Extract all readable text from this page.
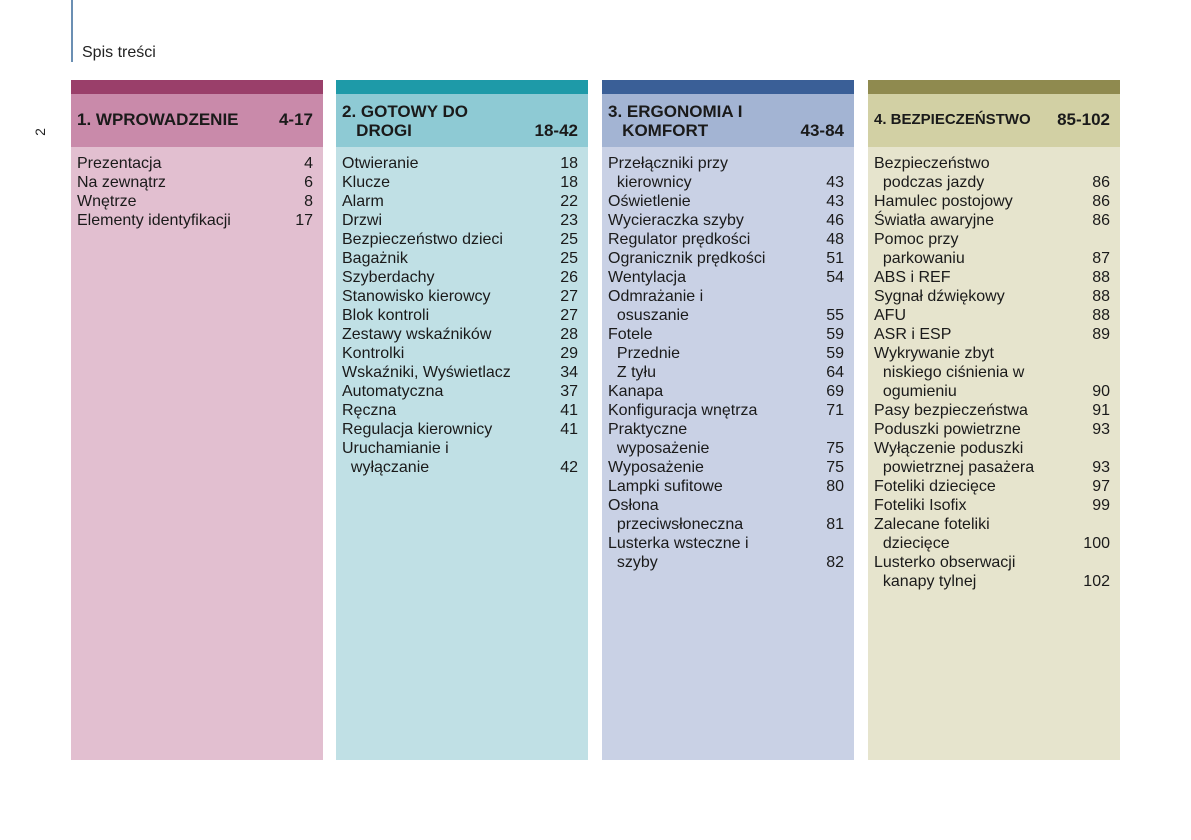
Spis treści
2
1. WPROWADZENIE 4-17
Prezentacja	4
Na zewnątrz	6
Wnętrze	8
Elementy identyfikacji	17
2. GOTOWY DO
DROGI	18-42
Otwieranie	18
Klucze	18
Alarm	22
Drzwi	23
Bezpieczeństwo dzieci	25
Bagażnik	25
Szyberdachy	26
Stanowisko kierowcy	27
Blok kontroli	27
Zestawy wskaźników	28
Kontrolki	29
Wskaźniki, Wyświetlacz	34
Automatyczna	37
Ręczna	41
Regulacja kierownicy	41
Uruchamianie i
wyłączanie	42
3. ERGONOMIA I
KOMFORT	43-84
Przełączniki przy
kierownicy	43
Oświetlenie	43
Wycieraczka szyby	46
Regulator prędkości	48
Ogranicznik prędkości	51
Wentylacja	54
Odmrażanie i
osuszanie	55
Fotele	59
Przednie	59
Z tyłu	64
Kanapa	69
Konfiguracja wnętrza	71
Praktyczne
wyposażenie	75
Wyposażenie	75
Lampki sufitowe	80
Osłona
przeciwsłoneczna	81
Lusterka wsteczne i
szyby	82
4. BEZPIECZEŃSTWO 85-102
Bezpieczeństwo
podczas jazdy	86
Hamulec postojowy	86
Światła awaryjne	86
Pomoc przy
parkowaniu	87
ABS i REF	88
Sygnał dźwiękowy	88
AFU	88
ASR i ESP	89
Wykrywanie zbyt
niskiego ciśnienia w
ogumieniu	90
Pasy bezpieczeństwa	91
Poduszki powietrzne	93
Wyłączenie poduszki
powietrznej pasażera	93
Foteliki dziecięce	97
Foteliki Isofix	99
Zalecane foteliki
dziecięce	100
Lusterko obserwacji
kanapy tylnej	102
